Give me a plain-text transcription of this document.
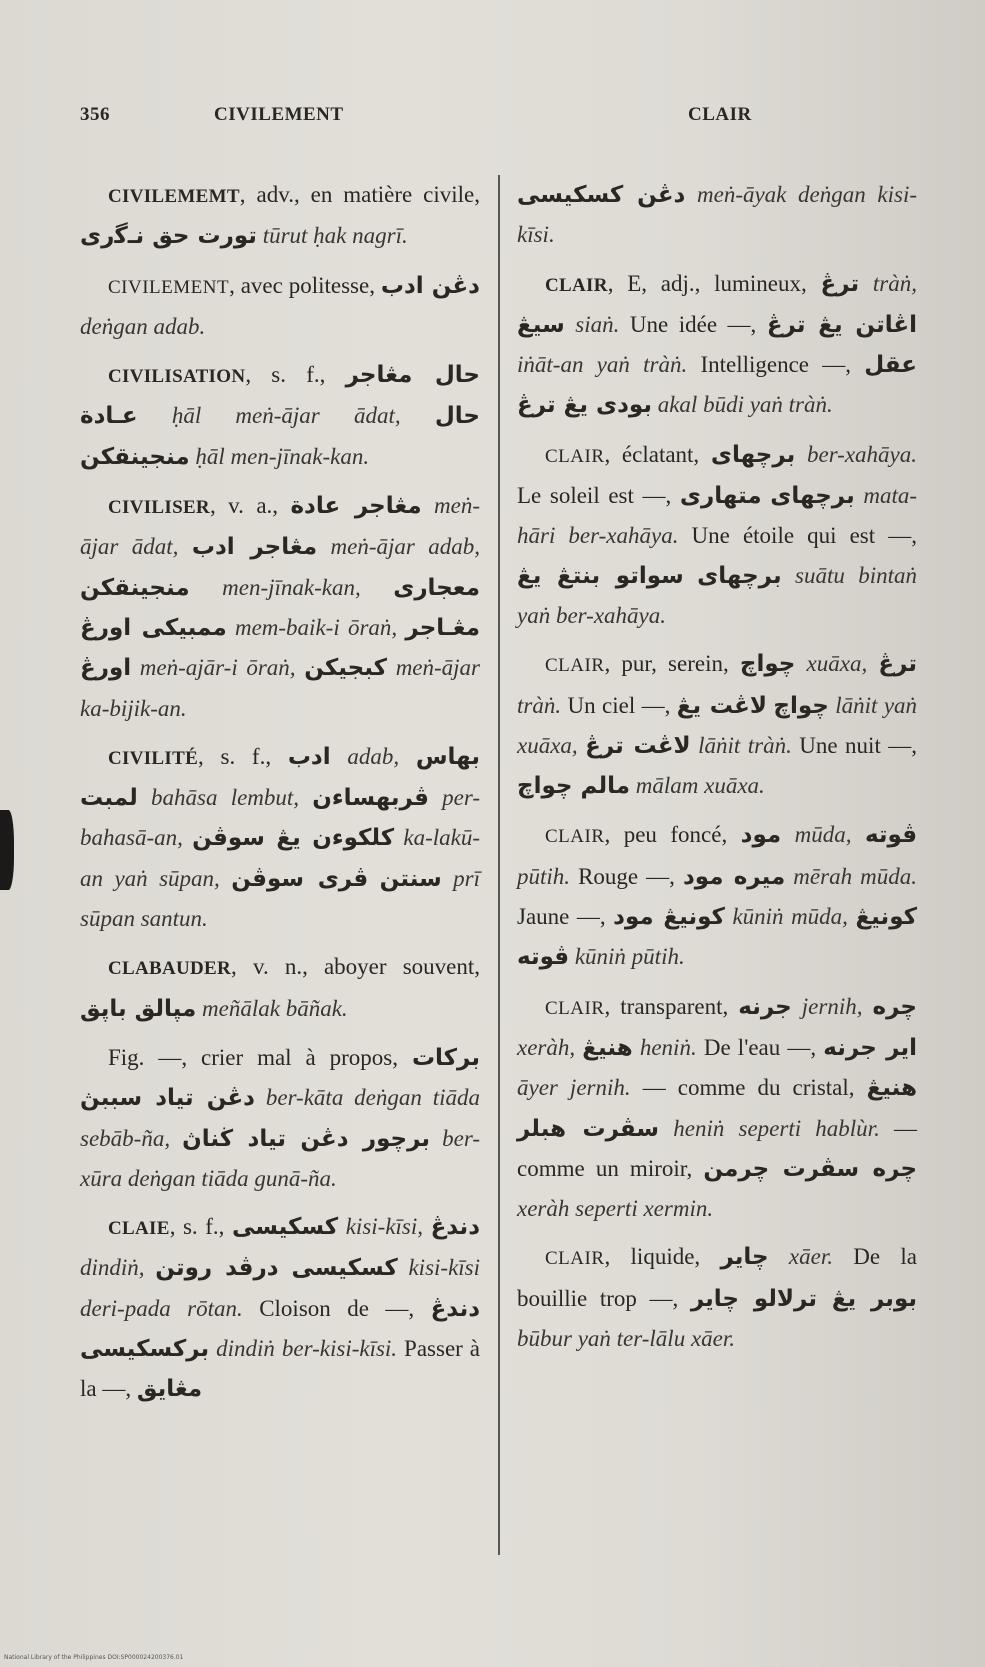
356	CIVILEMENT	CLAIR

CIVILEMEMT, adv., en matière civile, تورت حق نـﮔرى tūrut ḥak nagrī.

CIVILEMENT, avec politesse, دڠن ادب deṅgan adab.

CIVILISATION, s. f., حال مڠاجر عـادة ḥāl meṅ-ājar ādat, حال منجينقكن ḥāl men-jīnak-kan.

CIVILISER, v. a., مڠاجر عادة meṅ-ājar ādat, مڠاجر ادب meṅ-ājar adab, منجينقكن men-jīnak-kan, معجارى ممبيكى اورڠ mem-baik-i ōraṅ, مڠـاجر اورڠ meṅ-ajār-i ōraṅ, كبجيكن meṅ-ājar ka-bijik-an.

CIVILITÉ, s. f., ادب adab, بهاس لمبت bahāsa lembut, ڤربهساءن per-bahasā-an, كلكوءن يڠ سوڤن ka-lakū-an yaṅ sūpan, ڤرى سوڤن سنتن prī sūpan santun.

CLABAUDER, v. n., aboyer souvent, مڽالق باڽق meñālak bāñak.

Fig. —, crier mal à propos, بركات دڠن تياد سببڽ ber-kāta deṅgan tiāda sebāb-ña, برچور دڠن تياد ڬناڽ ber-xūra deṅgan tiāda gunā-ña.

CLAIE, s. f., كسكيسى kisi-kīsi, دندڠ dindiṅ, كسكيسى درڤد روتن kisi-kīsi deri-pada rōtan. Cloison de —, دندڠ بركسكيسى dindiṅ ber-kisi-kīsi. Passer à la —, مڠايق

دڠن كسكيسى meṅ-āyak deṅgan kisi-kīsi.

CLAIR, E, adj., lumineux, ترڠ tràṅ, سيڠ siaṅ. Une idée —, اڠاتن يڠ ترڠ iṅāt-an yaṅ tràṅ. Intelligence —, عقل بودى يڠ ترڠ akal būdi yaṅ tràṅ.

CLAIR, éclatant, برچهاى ber-xahāya. Le soleil est —, متهارى برچهاى mata-hāri ber-xahāya. Une étoile qui est —, سواتو بنتڠ يڠ برچهاى suātu bintaṅ yaṅ ber-xahāya.

CLAIR, pur, serein, چواچ xuāxa, ترڠ tràṅ. Un ciel —, لاڠت يڠ چواچ lāṅit yaṅ xuāxa, لاڠت ترڠ lāṅit tràṅ. Une nuit —, مالم چواچ mālam xuāxa.

CLAIR, peu foncé, مود mūda, ڤوته pūtih. Rouge —, ميره مود mērah mūda. Jaune —, كونيڠ مود kūniṅ mūda, كونيڠ ڤوته kūniṅ pūtih.

CLAIR, transparent, جرنه jernih, چره xeràh, هنيڠ heniṅ. De l'eau —, اير جرنه āyer jernih. — comme du cristal, هنيڠ سڤرت هبلر heniṅ seperti hablùr. — comme un miroir, چره سڤرت چرمن xeràh seperti xermin.

CLAIR, liquide, چاير xāer. De la bouillie trop —, بوبر يڠ ترلالو چاير būbur yaṅ ter-lālu xāer.

National Library of the Philippines DOI:SP000024200376.01
